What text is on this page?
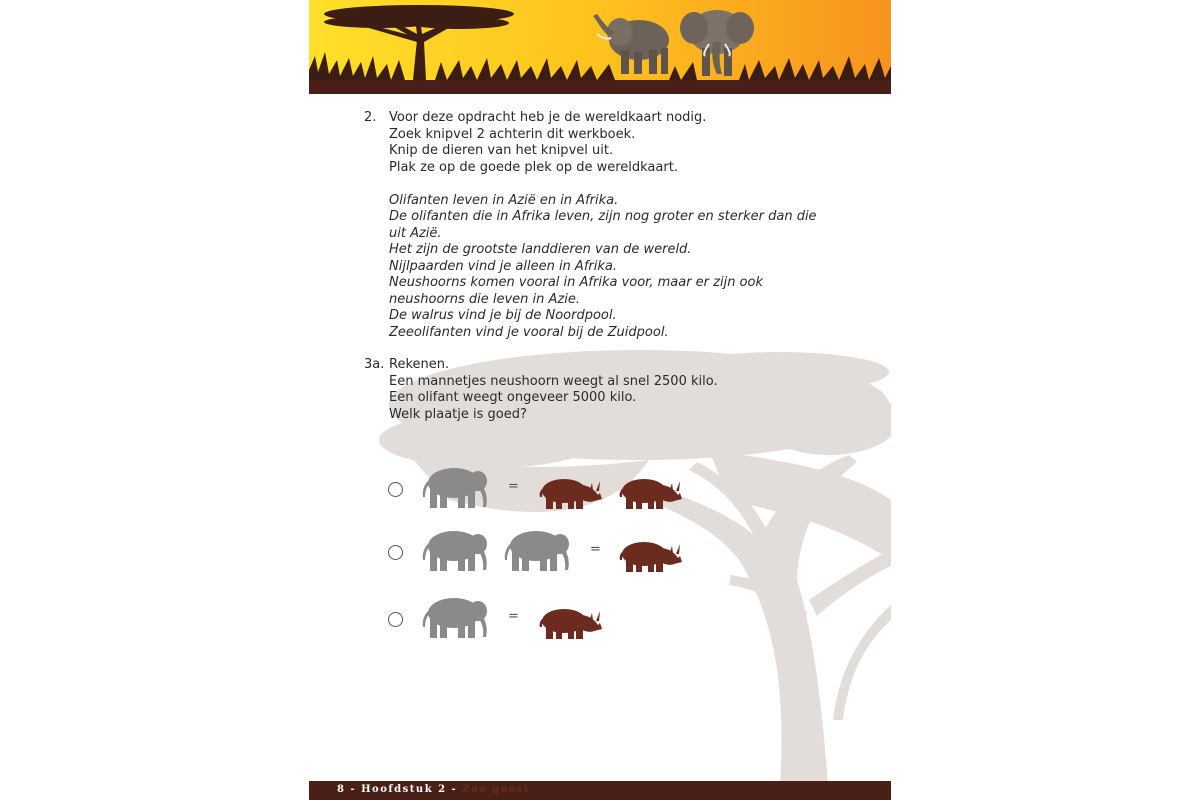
2. Voor deze opdracht heb je de wereldkaart nodig.
Zoek knipvel 2 achterin dit werkboek.
Knip de dieren van het knipvel uit.
Plak ze op de goede plek op de wereldkaart.
Olifanten leven in Azië en in Afrika.
De olifanten die in Afrika leven, zijn nog groter en sterker dan die
uit Azië.
Het zijn de grootste landdieren van de wereld.
Nijlpaarden vind je alleen in Afrika.
Neushoorns komen vooral in Afrika voor, maar er zijn ook
neushoorns die leven in Azie.
De walrus vind je bij de Noordpool.
Zeeolifanten vind je vooral bij de Zuidpool.
3a. Rekenen.
Een mannetjes neushoorn weegt al snel 2500 kilo.
Een olifant weegt ongeveer 5000 kilo.
Welk plaatje is goed?
=
=
=
8 - Hoofdstuk 2 - Zoo geest
